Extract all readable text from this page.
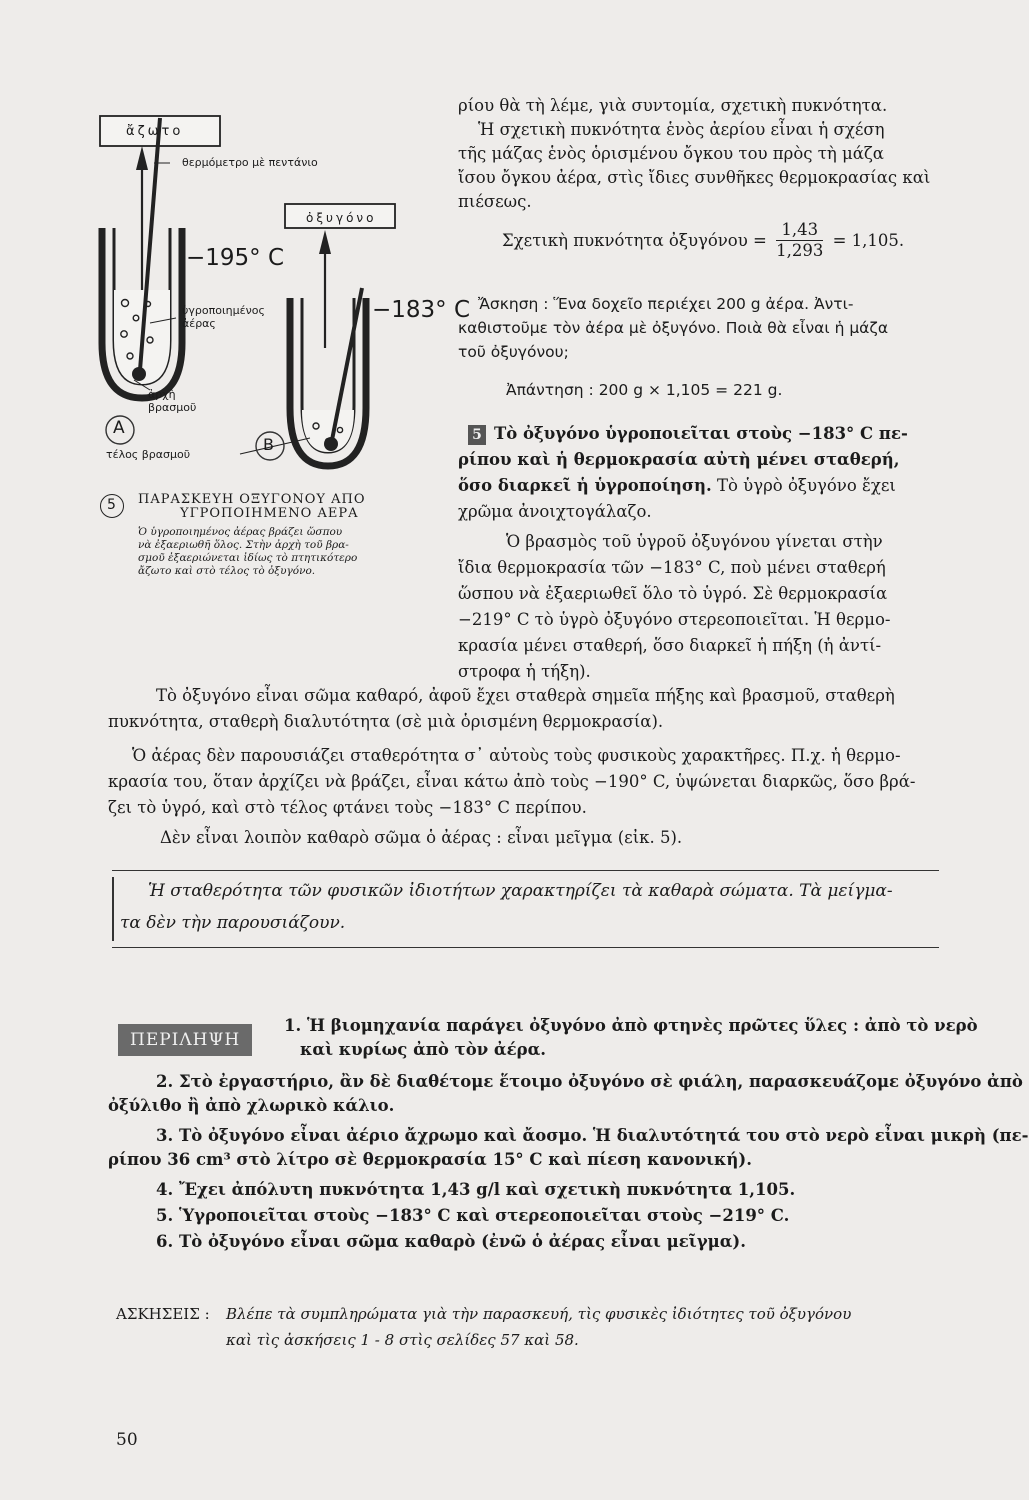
ἄζωτο
ὀξυγόνο
θερμόμετρο μὲ πεντάνιο
−195° C
−183° C
ὑγροποιημένος
ἀέρας
A
B
ἀρχὴ
βρασμοῦ
τέλος βρασμοῦ
5 ΠΑΡΑΣΚΕΥΗ ΟΞΥΓΟΝΟΥ ΑΠΟ
ΥΓΡΟΠΟΙΗΜΕΝΟ ΑΕΡΑ
Ὁ ὑγροποιημένος ἀέρας βράζει ὥσπου
νὰ ἐξαεριωθῆ ὅλος. Στὴν ἀρχὴ τοῦ βρα-
σμοῦ ἐξαεριώνεται ἰδίως τὸ πτητικότερο
ἄζωτο καὶ στὸ τέλος τὸ ὀξυγόνο.
ρίου θὰ τὴ λέμε, γιὰ συντομία, σχετικὴ πυκνότητα.
Ἡ σχετικὴ πυκνότητα ἑνὸς ἀερίου εἶναι ἡ σχέση
τῆς μάζας ἑνὸς ὁρισμένου ὄγκου του πρὸς τὴ μάζα
ἴσου ὄγκου ἀέρα, στὶς ἴδιες συνθῆκες θερμοκρασίας καὶ
πιέσεως.
Σχετικὴ πυκνότητα ὀξυγόνου = $\frac{1,43}{1,293} = 1,105$.
Ἄσκηση : Ἕνα δοχεῖο περιέχει 200 g ἀέρα. Ἀντι-
καθιστοῦμε τὸν ἀέρα μὲ ὀξυγόνο. Ποιὰ θὰ εἶναι ἡ μάζα
τοῦ ὀξυγόνου;
Ἀπάντηση : 200 g × 1,105 = 221 g.
5 Τὸ ὀξυγόνο ὑγροποιεῖται στοὺς −183° C πε-
ρίπου καὶ ἡ θερμοκρασία αὐτὴ μένει σταθερή,
ὅσο διαρκεῖ ἡ ὑγροποίηση. Τὸ ὑγρὸ ὀξυγόνο ἔχει
χρῶμα ἀνοιχτογάλαζο.
Ὁ βρασμὸς τοῦ ὑγροῦ ὀξυγόνου γίνεται στὴν
ἴδια θερμοκρασία τῶν −183° C, ποὺ μένει σταθερή
ὥσπου νὰ ἐξαεριωθεῖ ὅλο τὸ ὑγρό. Σὲ θερμοκρασία
−219° C τὸ ὑγρὸ ὀξυγόνο στερεοποιεῖται. Ἡ θερμο-
κρασία μένει σταθερή, ὅσο διαρκεῖ ἡ πήξη (ἡ ἀντί-
στροφα ἡ τήξη).
Τὸ ὀξυγόνο εἶναι σῶμα καθαρό, ἀφοῦ ἔχει σταθερὰ σημεῖα πήξης καὶ βρασμοῦ, σταθερὴ
πυκνότητα, σταθερὴ διαλυτότητα (σὲ μιὰ ὁρισμένη θερμοκρασία).
Ὁ ἀέρας δὲν παρουσιάζει σταθερότητα σ᾽ αὐτοὺς τοὺς φυσικοὺς χαρακτῆρες. Π.χ. ἡ θερμο-
κρασία του, ὅταν ἀρχίζει νὰ βράζει, εἶναι κάτω ἀπὸ τοὺς −190° C, ὑψώνεται διαρκῶς, ὅσο βρά-
ζει τὸ ὑγρό, καὶ στὸ τέλος φτάνει τοὺς −183° C περίπου.
Δὲν εἶναι λοιπὸν καθαρὸ σῶμα ὁ ἀέρας : εἶναι μεῖγμα (εἰκ. 5).
Ἡ σταθερότητα τῶν φυσικῶν ἰδιοτήτων χαρακτηρίζει τὰ καθαρὰ σώματα. Τὰ μείγμα-
τα δὲν τὴν παρουσιάζουν.
ΠΕΡΙΛΗΨΗ
1. Ἡ βιομηχανία παράγει ὀξυγόνο ἀπὸ φτηνὲς πρῶτες ὕλες : ἀπὸ τὸ νερὸ
καὶ κυρίως ἀπὸ τὸν ἀέρα.
2. Στὸ ἐργαστήριο, ἂν δὲ διαθέτομε ἕτοιμο ὀξυγόνο σὲ φιάλη, παρασκευάζομε ὀξυγόνο ἀπὸ
ὀξύλιθο ἢ ἀπὸ χλωρικὸ κάλιο.
3. Τὸ ὀξυγόνο εἶναι ἀέριο ἄχρωμο καὶ ἄοσμο. Ἡ διαλυτότητά του στὸ νερὸ εἶναι μικρὴ (πε-
ρίπου 36 cm³ στὸ λίτρο σὲ θερμοκρασία 15° C καὶ πίεση κανονική).
4. Ἔχει ἀπόλυτη πυκνότητα 1,43 g/l καὶ σχετικὴ πυκνότητα 1,105.
5. Ὑγροποιεῖται στοὺς −183° C καὶ στερεοποιεῖται στοὺς −219° C.
6. Τὸ ὀξυγόνο εἶναι σῶμα καθαρὸ (ἐνῶ ὁ ἀέρας εἶναι μεῖγμα).
ΑΣΚΗΣΕΙΣ : Βλέπε τὰ συμπληρώματα γιὰ τὴν παρασκευή, τὶς φυσικὲς ἰδιότητες τοῦ ὀξυγόνου
καὶ τὶς ἀσκήσεις 1 - 8 στὶς σελίδες 57 καὶ 58.
50
